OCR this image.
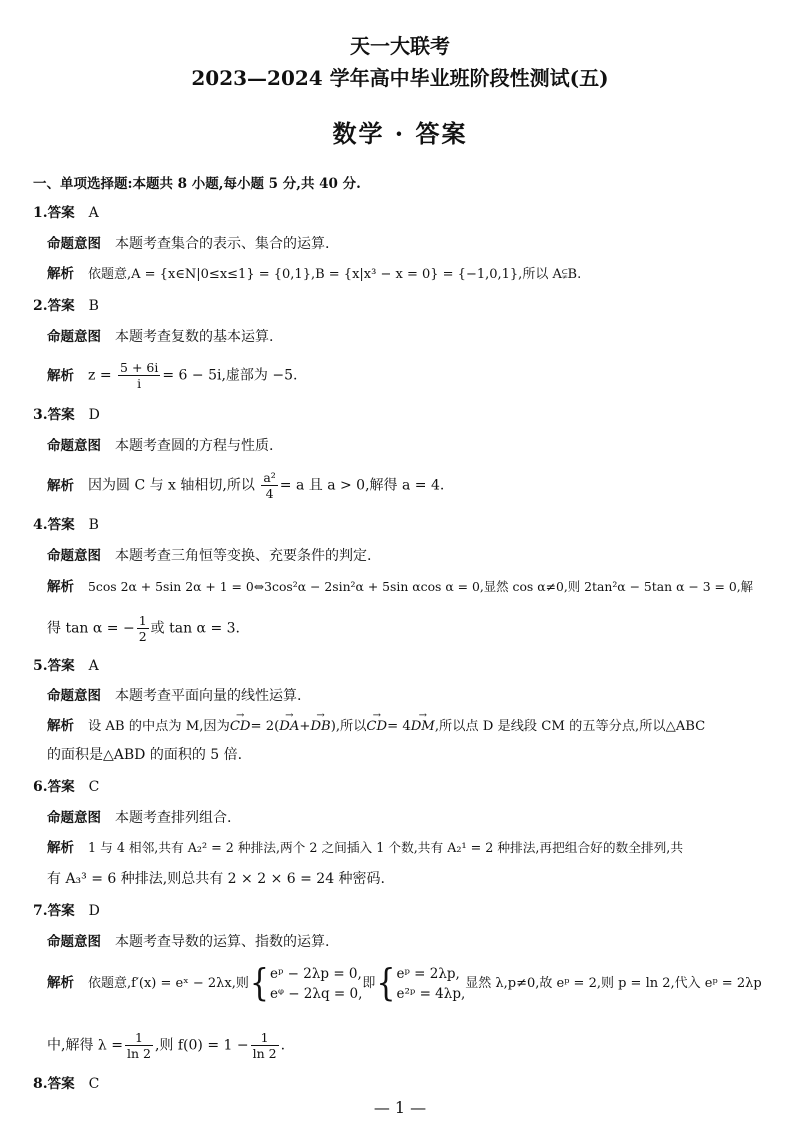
天一大联考
2023—2024 学年高中毕业班阶段性测试(五)
数学 · 答案
一、单项选择题:本题共 8 小题,每小题 5 分,共 40 分.
1.答案 A
命题意图 本题考查集合的表示、集合的运算.
解析 依题意,A = {x∈N|0≤x≤1} = {0,1},B = {x|x³ − x = 0} = {−1,0,1},所以 A⫋B.
2.答案 B
命题意图 本题考查复数的基本运算.
解析 $z = \frac{5 + 6i}{i} = 6 - 5i$,虚部为 −5.
3.答案 D
命题意图 本题考查圆的方程与性质.
解析 因为圆 C 与 x 轴相切,所以 $\frac{\text{a²}}{4} = a$ 且 a > 0,解得 a = 4.
4.答案 B
命题意图 本题考查三角恒等变换、充要条件的判定.
解析 5cos 2α + 5sin 2α + 1 = 0⇔3cos²α − 2sin²α + 5sin αcos α = 0,显然 cos α≠0,则 2tan²α − 5tan α − 3 = 0,解
得 tan α = − $\frac{1}{2}$ 或 tan α = 3.
5.答案 A
命题意图 本题考查平面向量的线性运算.
解析 设 AB 的中点为 M,因为→ CD= 2(→ DA+→ DB),所以→ CD= 4→ DM,所以点 D 是线段 CM 的五等分点,所以△ABC
的面积是△ABD 的面积的 5 倍.
6.答案 C
命题意图 本题考查排列组合.
解析 1 与 4 相邻,共有 A₂² = 2 种排法,两个 2 之间插入 1 个数,共有 A₂¹ = 2 种排法,再把组合好的数全排列,共
有 A₃³ = 6 种排法,则总共有 2 × 2 × 6 = 24 种密码.
7.答案 D
命题意图 本题考查导数的运算、指数的运算.
解析 依题意,f′(x) = eˣ − 2λx,则{ eᵖ − 2λp = 0,
eᵠ − 2λq = 0,
即{ eᵖ = 2λp,
e²ᵖ = 4λp,
显然 λ,p≠0,故 eᵖ = 2,则 p = ln 2,代入 eᵖ = 2λp
中,解得 $\lambda = \frac{1}{\ln 2}$ ,则 $f(0) = 1 - \frac{1}{\ln 2}$ .
8.答案 C
— 1 —
